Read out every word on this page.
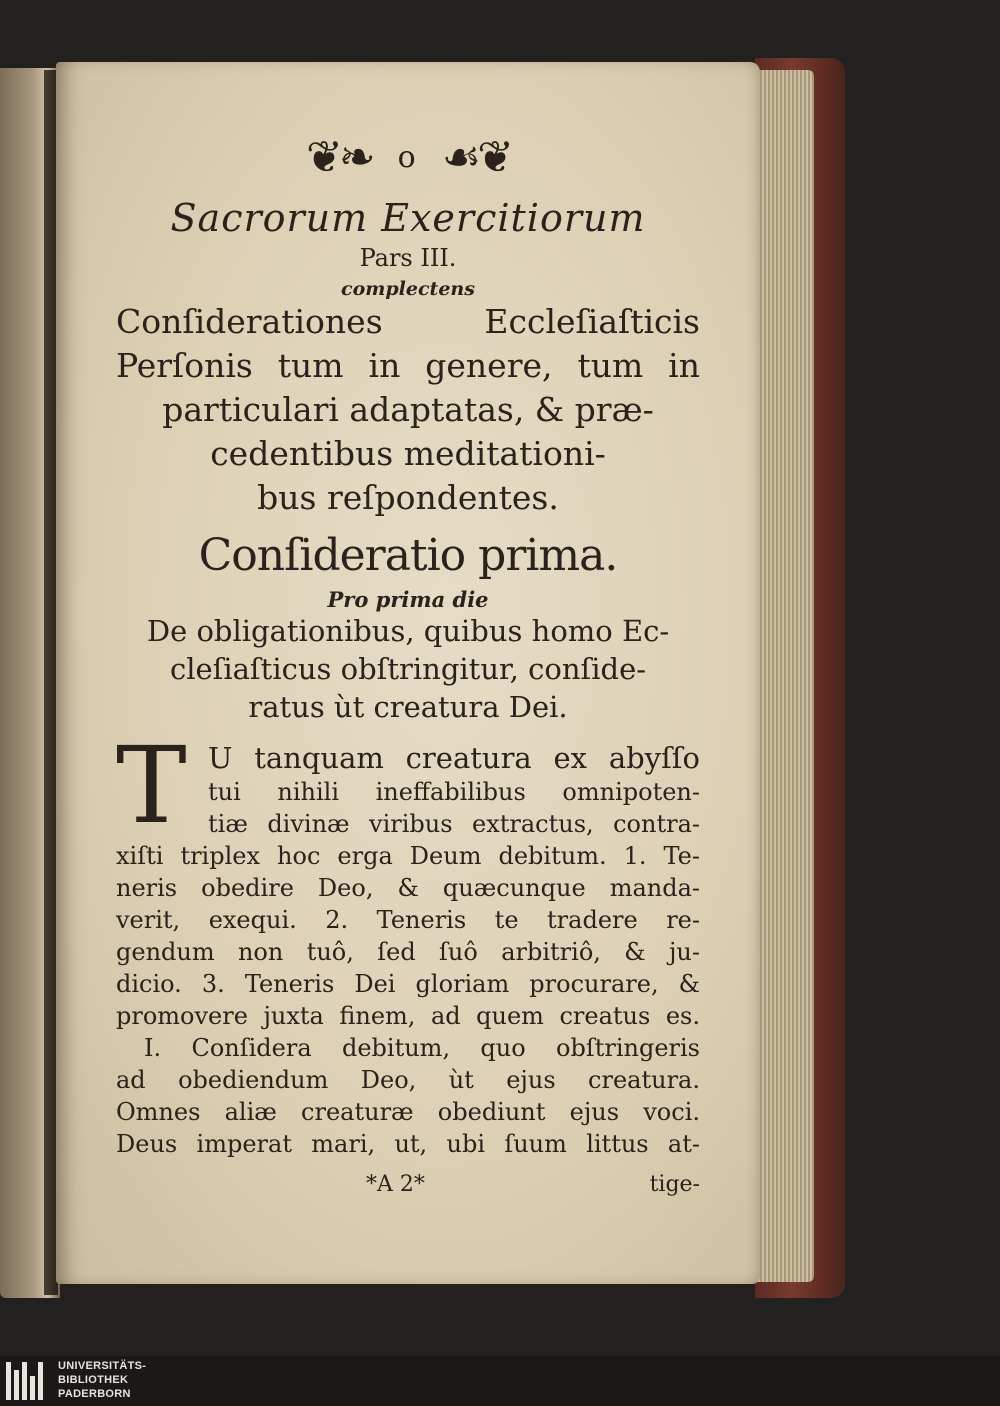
❦❧ o ☙❦
Sacrorum Exercitiorum
Pars III.
complectens
Conſiderationes Eccleſiaſticis
Perſonis tum in genere, tum in
particulari adaptatas, & præ-
cedentibus meditationi-
bus reſpondentes.
Conſideratio prima.
Pro prima die
De obligationibus, quibus homo Ec-
cleſiaſticus obſtringitur, conſide-
ratus ùt creatura Dei.
T U tanquam creatura ex abyſſo
tui nihili ineffabilibus omnipoten-
tiæ divinæ viribus extractus, contra-
xiſti triplex hoc erga Deum debitum. 1. Te-
neris obedire Deo, & quæcunque manda-
verit, exequi. 2. Teneris te tradere re-
gendum non tuô, ſed ſuô arbitriô, & ju-
dicio. 3. Teneris Dei gloriam procurare, &
promovere juxta finem, ad quem creatus es.
I. Conſidera debitum, quo obſtringeris
ad obediendum Deo, ùt ejus creatura.
Omnes aliæ creaturæ obediunt ejus voci.
Deus imperat mari, ut, ubi ſuum littus at-
*A 2*	tige-
UNIVERSITÄTS-
BIBLIOTHEK
PADERBORN
